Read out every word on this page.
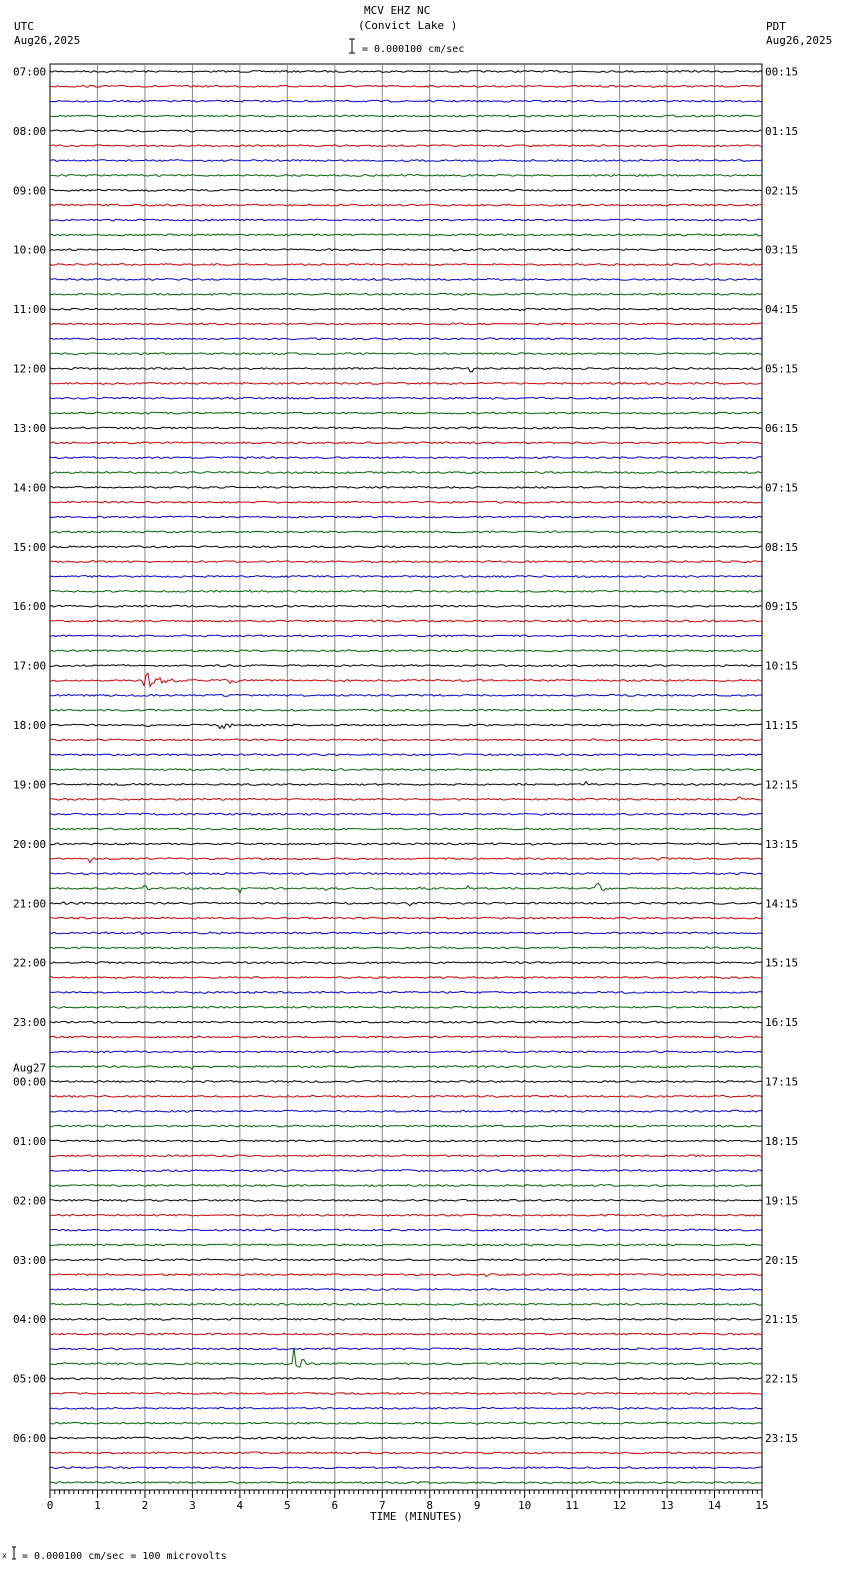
MCV EHZ NC
(Convict Lake )
UTC
Aug26,2025
PDT
Aug26,2025
= 0.000100 cm/sec
0	1	2	3	4	5	6	7	8	9	10	11	12	13	14	15
07:00
08:00
09:00
10:00
11:00
12:00
13:00
14:00
15:00
16:00
17:00
18:00
19:00
20:00
21:00
22:00
23:00
00:00
Aug27
01:00
02:00
03:00
04:00
05:00
06:00
00:15
01:15
02:15
03:15
04:15
05:15
06:15
07:15
08:15
09:15
10:15
11:15
12:15
13:15
14:15
15:15
16:15
17:15
18:15
19:15
20:15
21:15
22:15
23:15
TIME (MINUTES)
x = 0.000100 cm/sec = 100 microvolts
